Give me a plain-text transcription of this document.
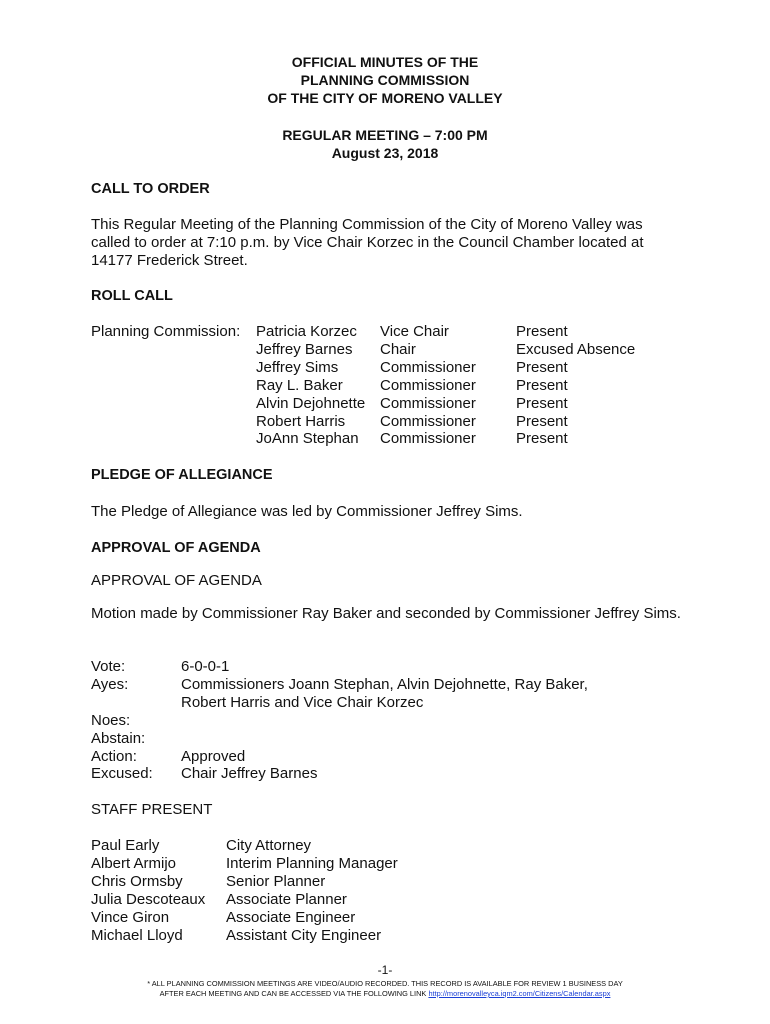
OFFICIAL MINUTES OF THE
PLANNING COMMISSION
OF THE CITY OF MORENO VALLEY
REGULAR MEETING – 7:00 PM
August 23, 2018
CALL TO ORDER
This Regular Meeting of the Planning Commission of the City of Moreno Valley was called to order at 7:10 p.m. by Vice Chair Korzec in the Council Chamber located at 14177 Frederick Street.
ROLL CALL
Planning Commission: Patricia Korzec
Jeffrey Barnes
Jeffrey Sims
Ray L. Baker
Alvin Dejohnette
Robert Harris
JoAnn Stephan
Vice Chair
Chair
Commissioner
Commissioner
Commissioner
Commissioner
Commissioner
Present
Excused Absence
Present
Present
Present
Present
Present
PLEDGE OF ALLEGIANCE
The Pledge of Allegiance was led by Commissioner Jeffrey Sims.
APPROVAL OF AGENDA
APPROVAL OF AGENDA
Motion made by Commissioner Ray Baker and seconded by Commissioner Jeffrey Sims.
Vote:
Ayes:

Noes:
Abstain:
Action:
Excused:
6-0-0-1
Commissioners Joann Stephan, Alvin Dejohnette, Ray Baker,
Robert Harris and Vice Chair Korzec

Approved
Chair Jeffrey Barnes
STAFF PRESENT
Paul Early
Albert Armijo
Chris Ormsby
Julia Descoteaux
Vince Giron
Michael Lloyd
City Attorney
Interim Planning Manager
Senior Planner
Associate Planner
Associate Engineer
Assistant City Engineer
-1-
* ALL PLANNING COMMISSION MEETINGS ARE VIDEO/AUDIO RECORDED. THIS RECORD IS AVAILABLE FOR REVIEW 1 BUSINESS DAY
AFTER EACH MEETING AND CAN BE ACCESSED VIA THE FOLLOWING LINK http://morenovalleyca.iqm2.com/Citizens/Calendar.aspx
